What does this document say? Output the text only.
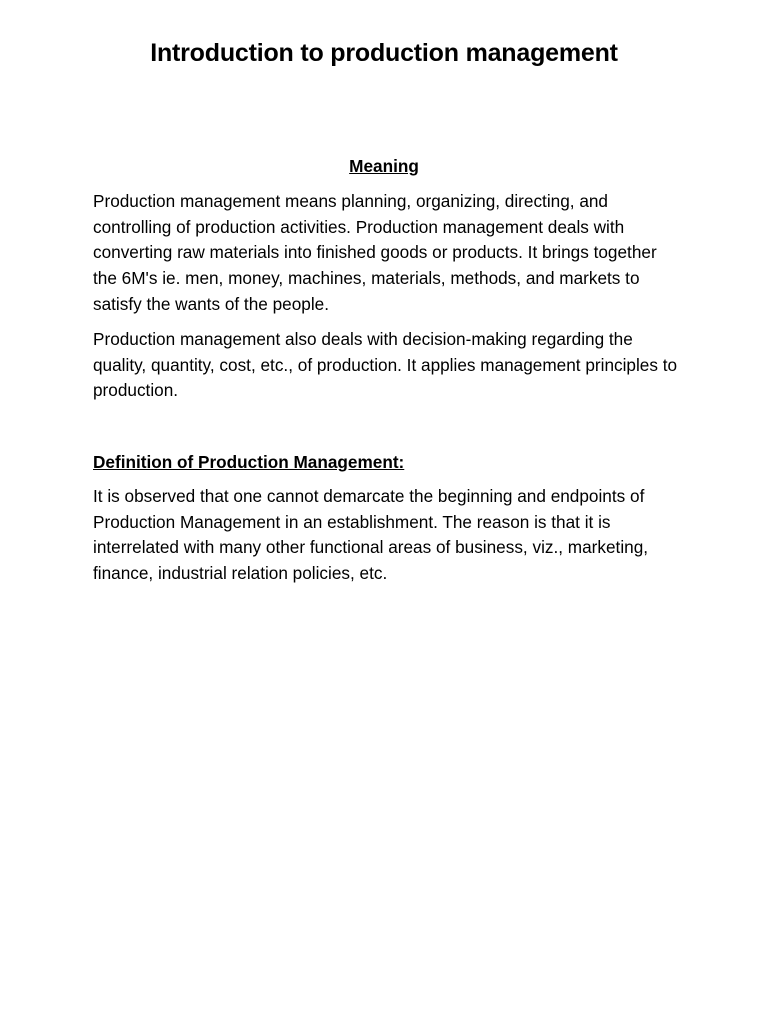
Introduction to production management
Meaning

Production management means planning, organizing, directing, and controlling of production activities. Production management deals with converting raw materials into finished goods or products. It brings together the 6M's ie. men, money, machines, materials, methods, and markets to satisfy the wants of the people.

Production management also deals with decision-making regarding the quality, quantity, cost, etc., of production. It applies management principles to production.

Definition of Production Management:

It is observed that one cannot demarcate the beginning and endpoints of Production Management in an establishment. The reason is that it is interrelated with many other functional areas of business, viz., marketing, finance, industrial relation policies, etc.
